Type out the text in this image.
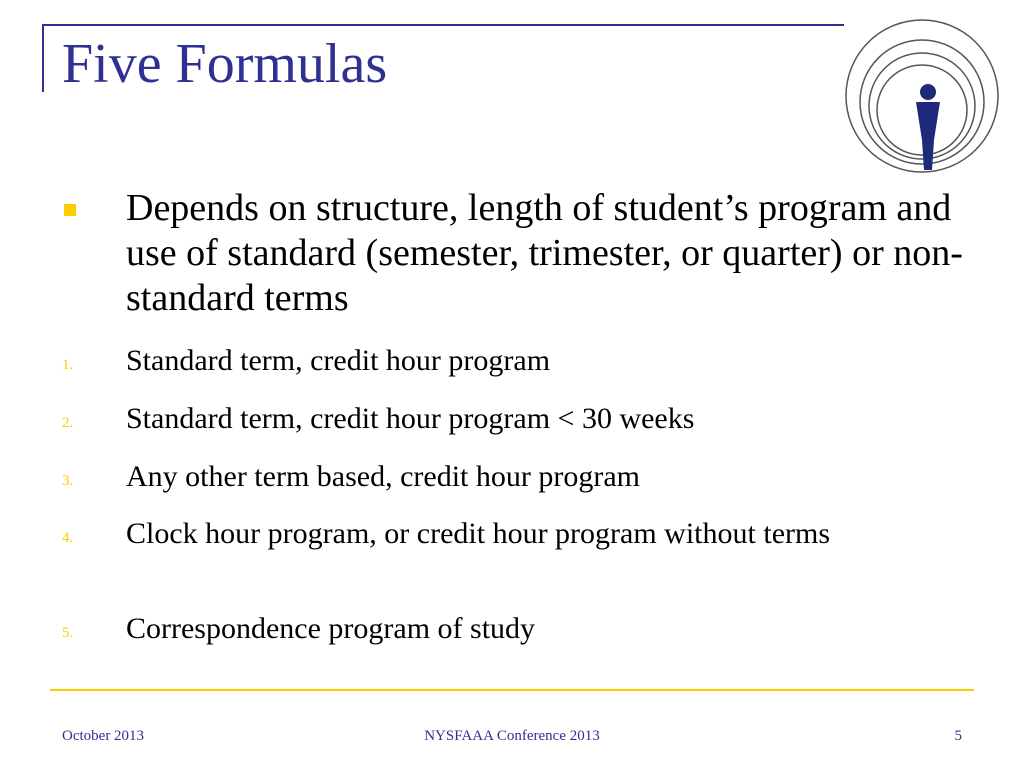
Five Formulas
Depends on structure, length of student’s program and use of standard (semester, trimester, or quarter) or non-standard terms
1. Standard term, credit hour program
2. Standard term, credit hour program < 30 weeks
3. Any other term based, credit hour program
4. Clock hour program, or credit hour program without terms
5. Correspondence program of study
October 2013	NYSFAAA Conference 2013	5
